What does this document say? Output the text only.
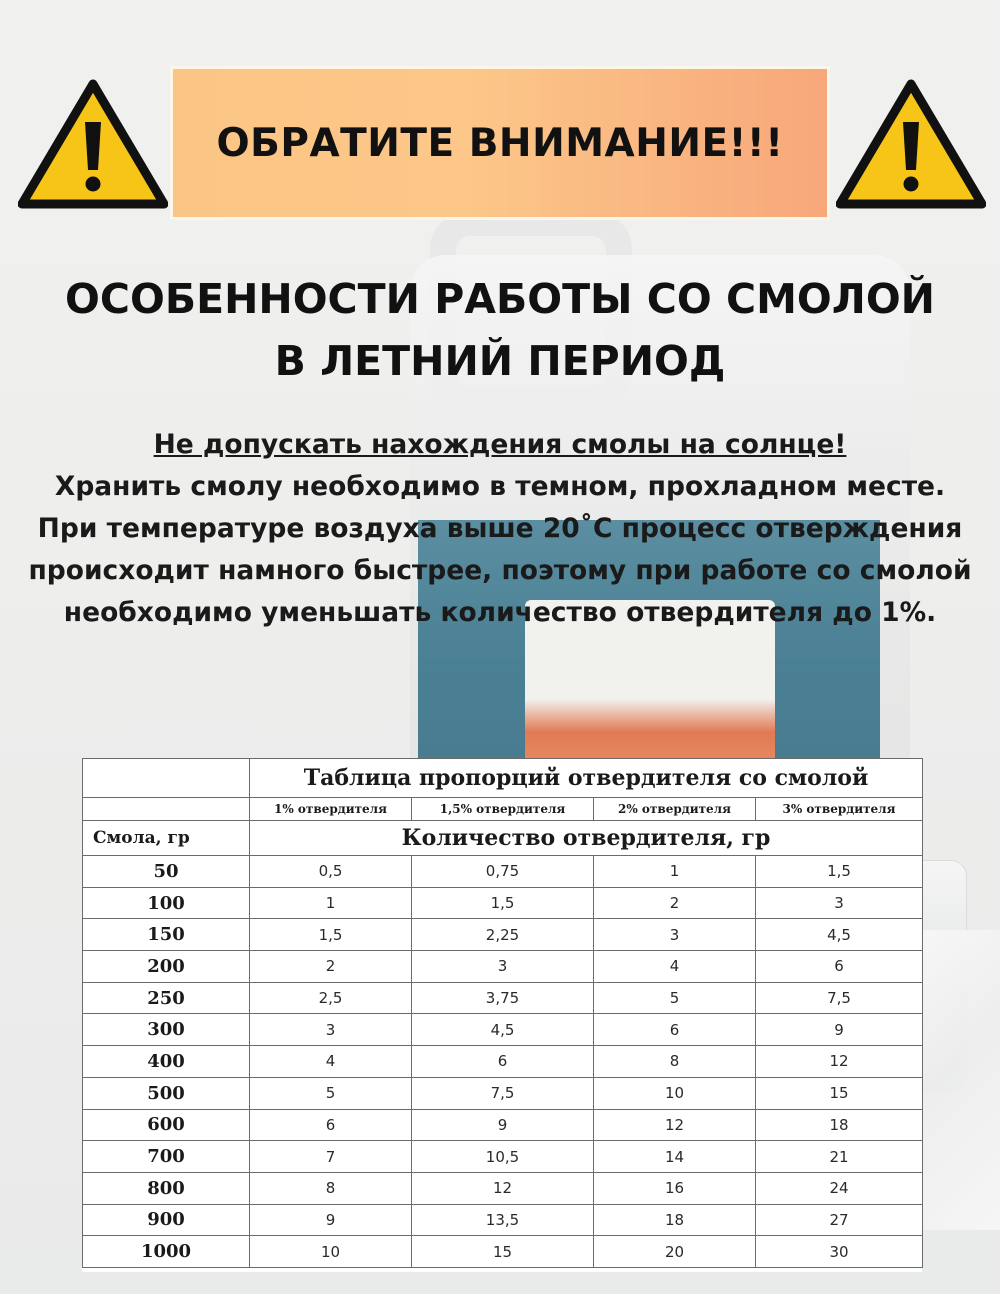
ОБРАТИТЕ ВНИМАНИЕ!!!
ОСОБЕННОСТИ РАБОТЫ СО СМОЛОЙ
В ЛЕТНИЙ ПЕРИОД
Не допускать нахождения смолы на солнце!
Хранить смолу необходимо в темном, прохладном месте.
При температуре воздуха выше 20˚С процесс отверждения происходит намного быстрее, поэтому при работе со смолой необходимо уменьшать количество отвердителя до 1%.
	Таблица пропорций отвердителя со смолой			
	1% отвердителя	1,5% отвердителя	2% отвердителя	3% отвердителя
Смола, гр	Количество отвердителя, гр			
50	0,5	0,75	1	1,5
100	1	1,5	2	3
150	1,5	2,25	3	4,5
200	2	3	4	6
250	2,5	3,75	5	7,5
300	3	4,5	6	9
400	4	6	8	12
500	5	7,5	10	15
600	6	9	12	18
700	7	10,5	14	21
800	8	12	16	24
900	9	13,5	18	27
1000	10	15	20	30
